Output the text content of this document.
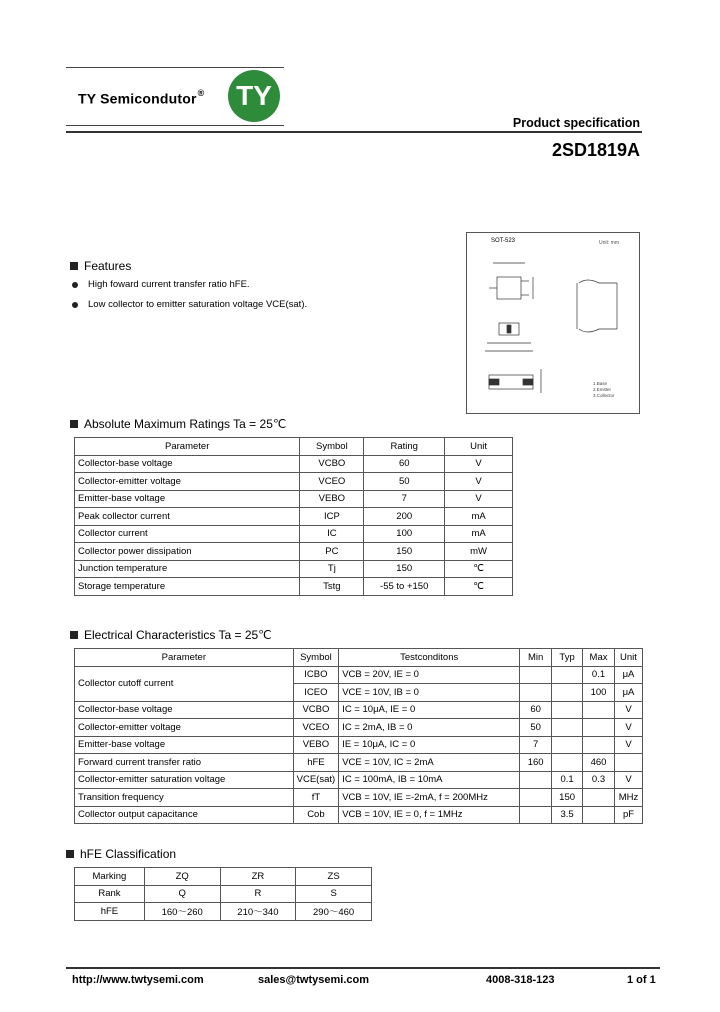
TY Semicondutor® TY
Product specification
2SD1819A
SOT-523	Unit: mm
1.Base
2.Emitter
3.Collector
Features
High foward current transfer ratio hFE.
Low collector to emitter saturation voltage VCE(sat).
Absolute Maximum Ratings Ta = 25℃
Parameter	Symbol	Rating	Unit
Collector-base voltage	VCBO	60	V
Collector-emitter voltage	VCEO	50	V
Emitter-base voltage	VEBO	7	V
Peak collector current	ICP	200	mA
Collector current	IC	100	mA
Collector power dissipation	PC	150	mW
Junction temperature	Tj	150	℃
Storage temperature	Tstg	-55 to +150	℃
Electrical Characteristics Ta = 25℃
Parameter	Symbol	Testconditons	Min	Typ	Max	Unit
Collector cutoff current	ICBO	VCB = 20V, IE = 0			0.1	μA
	ICEO	VCE = 10V, IB = 0			100	μA
Collector-base voltage	VCBO	IC = 10μA, IE = 0	60			V
Collector-emitter voltage	VCEO	IC = 2mA, IB = 0	50			V
Emitter-base voltage	VEBO	IE = 10μA, IC = 0	7			V
Forward current transfer ratio	hFE	VCE = 10V, IC = 2mA	160		460	
Collector-emitter saturation voltage	VCE(sat)	IC = 100mA, IB = 10mA		0.1	0.3	V
Transition frequency	fT	VCB = 10V, IE =-2mA, f = 200MHz		150		MHz
Collector output capacitance	Cob	VCB = 10V, IE = 0, f = 1MHz		3.5		pF
hFE Classification
Marking	ZQ	ZR	ZS
Rank	Q	R	S
hFE	160～260	210～340	290～460
http://www.twtysemi.com	sales@twtysemi.com	4008-318-123	1 of 1
